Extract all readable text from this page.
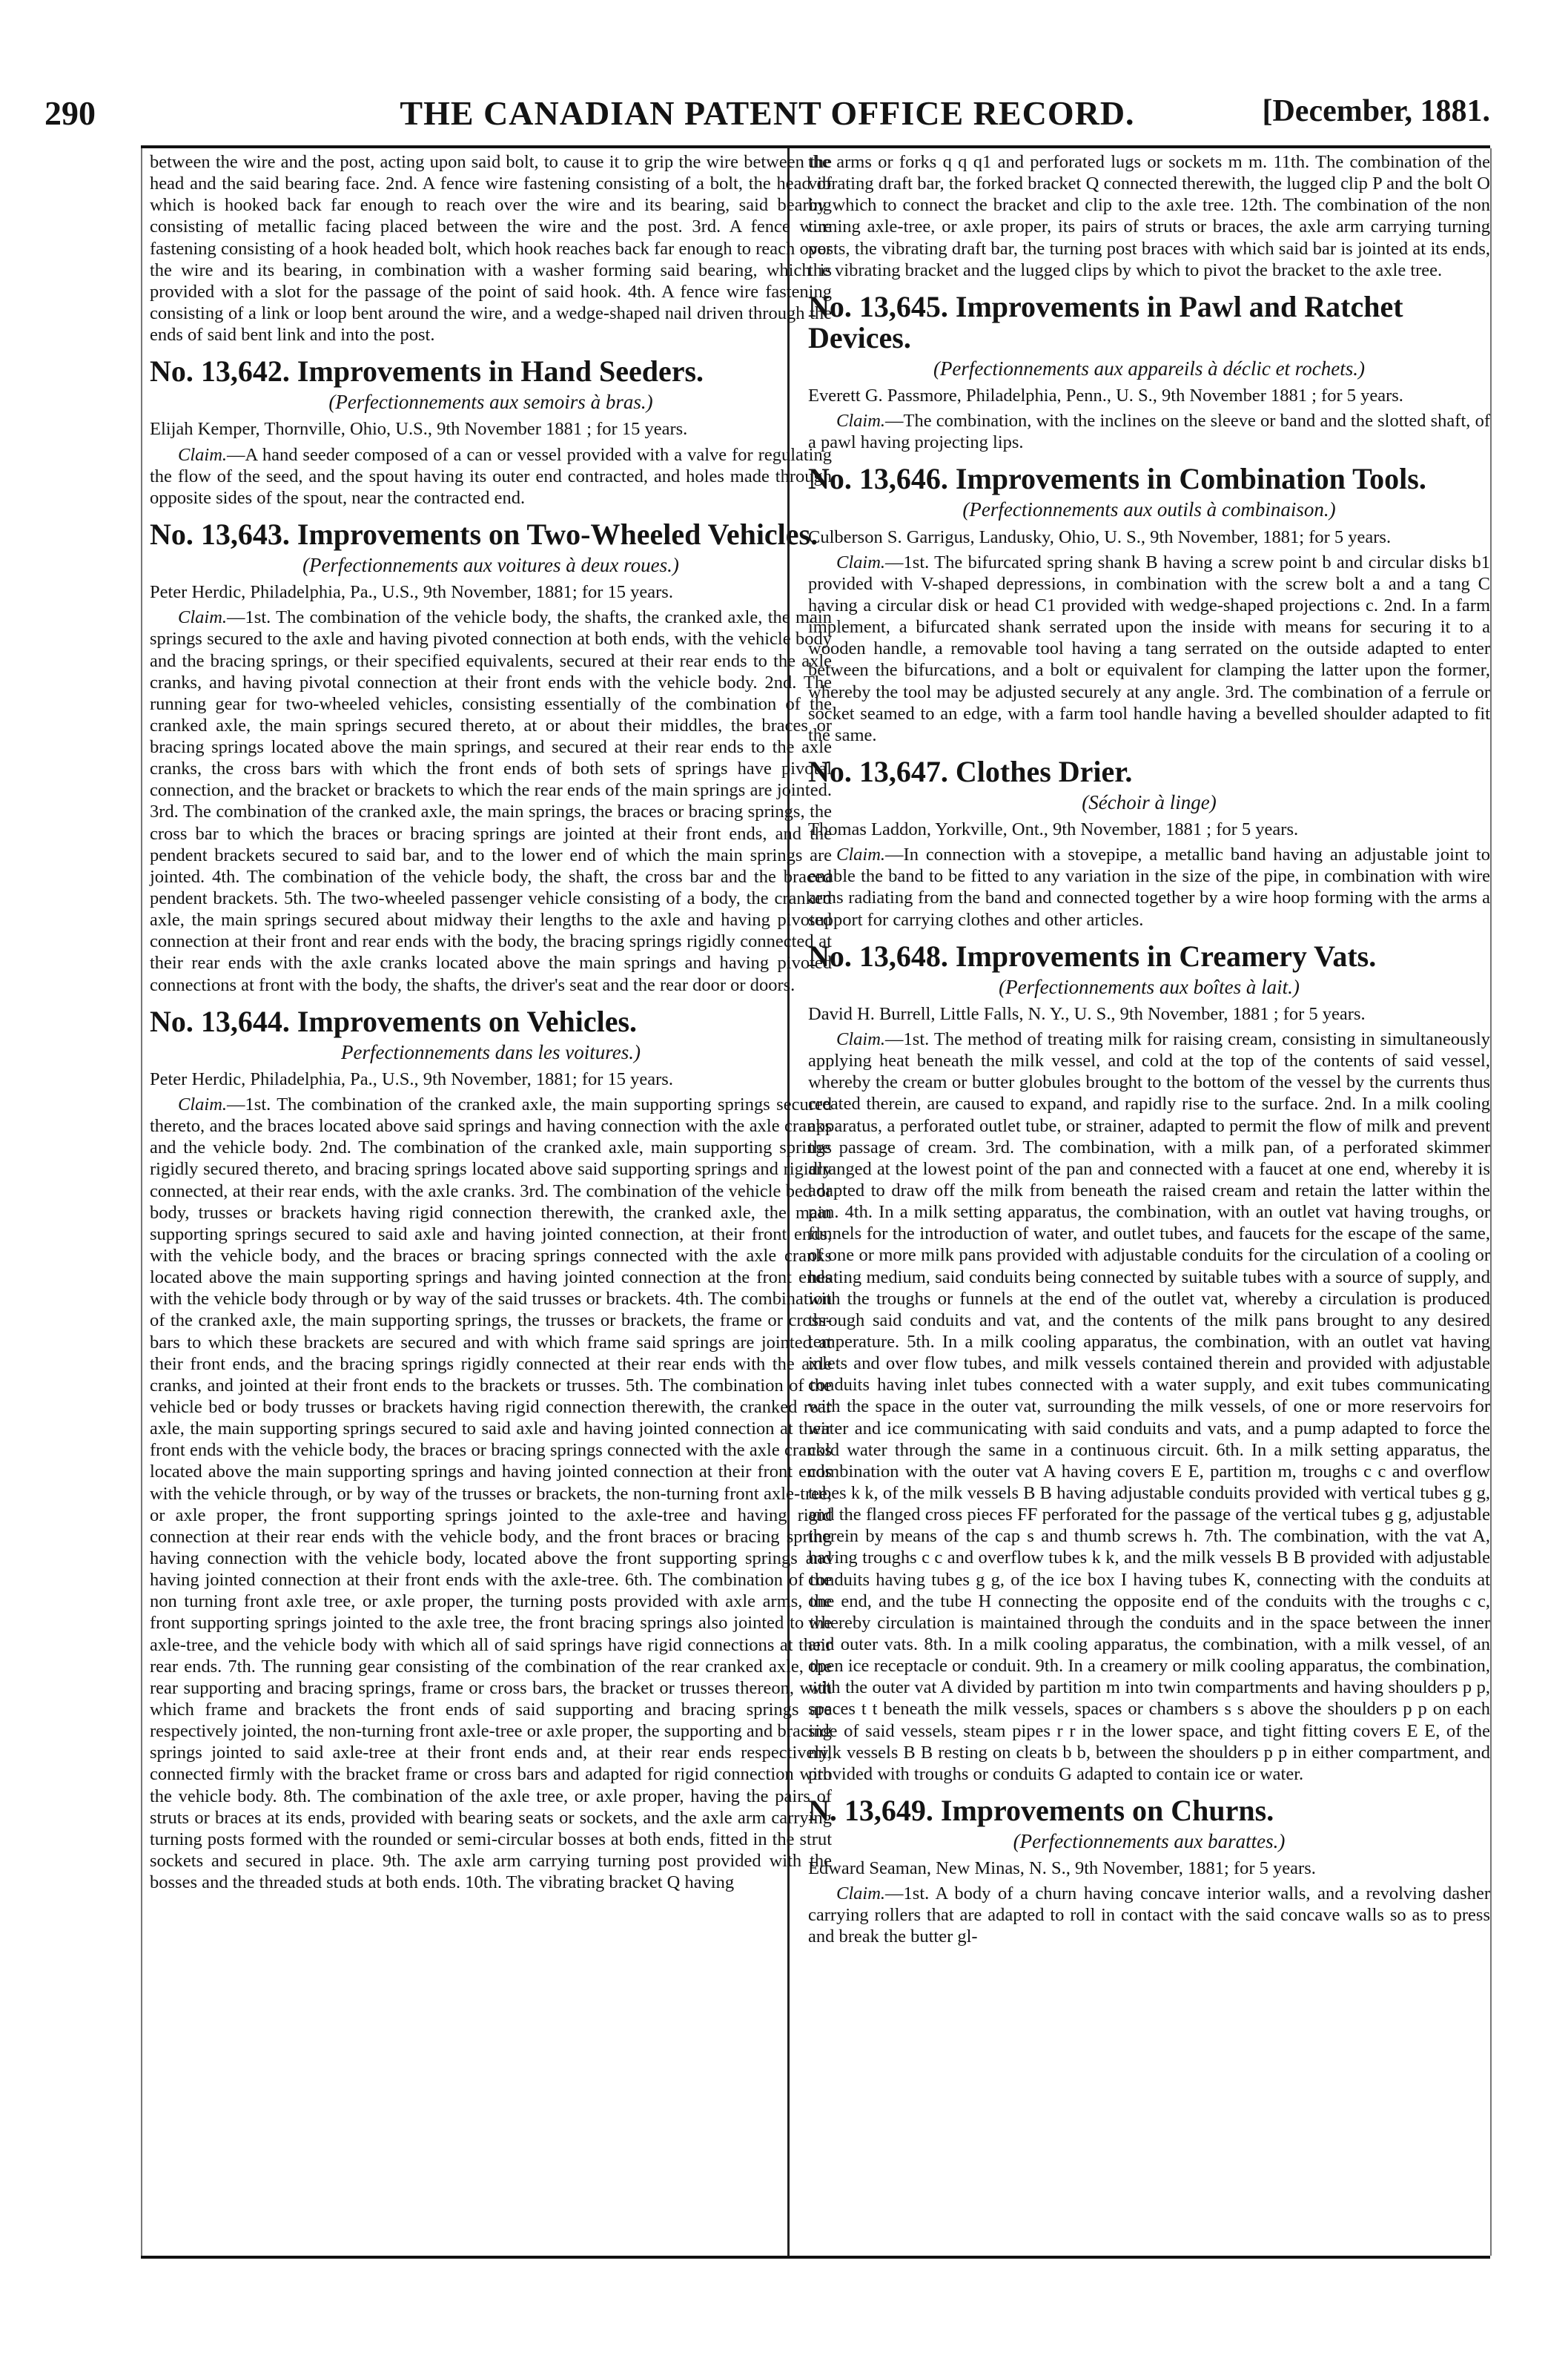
290	THE CANADIAN PATENT OFFICE RECORD.	[December, 1881.

between the wire and the post, acting upon said bolt, to cause it to grip the wire between the head and the said bearing face. 2nd. A fence wire fastening consisting of a bolt, the head of which is hooked back far enough to reach over the wire and its bearing, said bearing consisting of metallic facing placed between the wire and the post. 3rd. A fence wire fastening consisting of a hook headed bolt, which hook reaches back far enough to reach over the wire and its bearing, in combination with a washer forming said bearing, which is provided with a slot for the passage of the point of said hook. 4th. A fence wire fastening consisting of a link or loop bent around the wire, and a wedge-shaped nail driven through the ends of said bent link and into the post.

No. 13,642. Improvements in Hand Seeders.
(Perfectionnements aux semoirs à bras.)

Elijah Kemper, Thornville, Ohio, U.S., 9th November 1881 ; for 15 years.

Claim.—A hand seeder composed of a can or vessel provided with a valve for regulating the flow of the seed, and the spout having its outer end contracted, and holes made through opposite sides of the spout, near the contracted end.

No. 13,643. Improvements on Two-Wheeled Vehicles.
(Perfectionnements aux voitures à deux roues.)

Peter Herdic, Philadelphia, Pa., U.S., 9th November, 1881; for 15 years.

Claim.—1st. The combination of the vehicle body, the shafts, the cranked axle, the main springs secured to the axle and having pivoted connection at both ends, with the vehicle body and the bracing springs, or their specified equivalents, secured at their rear ends to the axle cranks, and having pivotal connection at their front ends with the vehicle body. 2nd. The running gear for two-wheeled vehicles, consisting essentially of the combination of the cranked axle, the main springs secured thereto, at or about their middles, the braces or bracing springs located above the main springs, and secured at their rear ends to the axle cranks, the cross bars with which the front ends of both sets of springs have pivotal connection, and the bracket or brackets to which the rear ends of the main springs are jointed. 3rd. The combination of the cranked axle, the main springs, the braces or bracing springs, the cross bar to which the braces or bracing springs are jointed at their front ends, and the pendent brackets secured to said bar, and to the lower end of which the main springs are jointed. 4th. The combination of the vehicle body, the shaft, the cross bar and the braced pendent brackets. 5th. The two-wheeled passenger vehicle consisting of a body, the cranked axle, the main springs secured about midway their lengths to the axle and having pivoted connection at their front and rear ends with the body, the bracing springs rigidly connected at their rear ends with the axle cranks located above the main springs and having pivoted connections at front with the body, the shafts, the driver's seat and the rear door or doors.

No. 13,644. Improvements on Vehicles.
Perfectionnements dans les voitures.)

Peter Herdic, Philadelphia, Pa., U.S., 9th November, 1881; for 15 years.

Claim.—1st. The combination of the cranked axle, the main supporting springs secured thereto, and the braces located above said springs and having connection with the axle cranks and the vehicle body. 2nd. The combination of the cranked axle, main supporting springs rigidly secured thereto, and bracing springs located above said supporting springs and rigidly connected, at their rear ends, with the axle cranks. 3rd. The combination of the vehicle bed or body, trusses or brackets having rigid connection therewith, the cranked axle, the main supporting springs secured to said axle and having jointed connection, at their front ends, with the vehicle body, and the braces or bracing springs connected with the axle cranks located above the main supporting springs and having jointed connection at the front ends with the vehicle body through or by way of the said trusses or brackets. 4th. The combination of the cranked axle, the main supporting springs, the trusses or brackets, the frame or cross-bars to which these brackets are secured and with which frame said springs are jointed at their front ends, and the bracing springs rigidly connected at their rear ends with the axle cranks, and jointed at their front ends to the brackets or trusses. 5th. The combination of the vehicle bed or body trusses or brackets having rigid connection therewith, the cranked rear axle, the main supporting springs secured to said axle and having jointed connection at their front ends with the vehicle body, the braces or bracing springs connected with the axle cranks located above the main supporting springs and having jointed connection at their front ends with the vehicle through, or by way of the trusses or brackets, the non-turning front axle-tree, or axle proper, the front supporting springs jointed to the axle-tree and having rigid connection at their rear ends with the vehicle body, and the front braces or bracing spring having connection with the vehicle body, located above the front supporting springs and having jointed connection at their front ends with the axle-tree. 6th. The combination of the non turning front axle tree, or axle proper, the turning posts provided with axle arms, the front supporting springs jointed to the axle tree, the front bracing springs also jointed to the axle-tree, and the vehicle body with which all of said springs have rigid connections at their rear ends. 7th. The running gear consisting of the combination of the rear cranked axle, the rear supporting and bracing springs, frame or cross bars, the bracket or trusses thereon, with which frame and brackets the front ends of said supporting and bracing springs are respectively jointed, the non-turning front axle-tree or axle proper, the supporting and bracing springs jointed to said axle-tree at their front ends and, at their rear ends respectively, connected firmly with the bracket frame or cross bars and adapted for rigid connection with the vehicle body. 8th. The combination of the axle tree, or axle proper, having the pairs of struts or braces at its ends, provided with bearing seats or sockets, and the axle arm carrying turning posts formed with the rounded or semi-circular bosses at both ends, fitted in the strut sockets and secured in place. 9th. The axle arm carrying turning post provided with the bosses and the threaded studs at both ends. 10th. The vibrating bracket Q having

the arms or forks q q q1 and perforated lugs or sockets m m. 11th. The combination of the vibrating draft bar, the forked bracket Q connected therewith, the lugged clip P and the bolt O by which to connect the bracket and clip to the axle tree. 12th. The combination of the non turning axle-tree, or axle proper, its pairs of struts or braces, the axle arm carrying turning posts, the vibrating draft bar, the turning post braces with which said bar is jointed at its ends, the vibrating bracket and the lugged clips by which to pivot the bracket to the axle tree.

No. 13,645. Improvements in Pawl and Ratchet Devices.
(Perfectionnements aux appareils à déclic et rochets.)

Everett G. Passmore, Philadelphia, Penn., U. S., 9th November 1881 ; for 5 years.

Claim.—The combination, with the inclines on the sleeve or band and the slotted shaft, of a pawl having projecting lips.

No. 13,646. Improvements in Combination Tools.
(Perfectionnements aux outils à combinaison.)

Culberson S. Garrigus, Landusky, Ohio, U. S., 9th November, 1881; for 5 years.

Claim.—1st. The bifurcated spring shank B having a screw point b and circular disks b1 provided with V-shaped depressions, in combination with the screw bolt a and a tang C having a circular disk or head C1 provided with wedge-shaped projections c. 2nd. In a farm implement, a bifurcated shank serrated upon the inside with means for securing it to a wooden handle, a removable tool having a tang serrated on the outside adapted to enter between the bifurcations, and a bolt or equivalent for clamping the latter upon the former, whereby the tool may be adjusted securely at any angle. 3rd. The combination of a ferrule or socket seamed to an edge, with a farm tool handle having a bevelled shoulder adapted to fit the same.

No. 13,647. Clothes Drier.
(Séchoir à linge)

Thomas Laddon, Yorkville, Ont., 9th November, 1881 ; for 5 years.

Claim.—In connection with a stovepipe, a metallic band having an adjustable joint to enable the band to be fitted to any variation in the size of the pipe, in combination with wire arms radiating from the band and connected together by a wire hoop forming with the arms a support for carrying clothes and other articles.

No. 13,648. Improvements in Creamery Vats.
(Perfectionnements aux boîtes à lait.)

David H. Burrell, Little Falls, N. Y., U. S., 9th November, 1881 ; for 5 years.

Claim.—1st. The method of treating milk for raising cream, consisting in simultaneously applying heat beneath the milk vessel, and cold at the top of the contents of said vessel, whereby the cream or butter globules brought to the bottom of the vessel by the currents thus created therein, are caused to expand, and rapidly rise to the surface. 2nd. In a milk cooling apparatus, a perforated outlet tube, or strainer, adapted to permit the flow of milk and prevent the passage of cream. 3rd. The combination, with a milk pan, of a perforated skimmer arranged at the lowest point of the pan and connected with a faucet at one end, whereby it is adapted to draw off the milk from beneath the raised cream and retain the latter within the pan. 4th. In a milk setting apparatus, the combination, with an outlet vat having troughs, or funnels for the introduction of water, and outlet tubes, and faucets for the escape of the same, of one or more milk pans provided with adjustable conduits for the circulation of a cooling or heating medium, said conduits being connected by suitable tubes with a source of supply, and with the troughs or funnels at the end of the outlet vat, whereby a circulation is produced through said conduits and vat, and the contents of the milk pans brought to any desired temperature. 5th. In a milk cooling apparatus, the combination, with an outlet vat having inlets and over flow tubes, and milk vessels contained therein and provided with adjustable conduits having inlet tubes connected with a water supply, and exit tubes communicating with the space in the outer vat, surrounding the milk vessels, of one or more reservoirs for water and ice communicating with said conduits and vats, and a pump adapted to force the cold water through the same in a continuous circuit. 6th. In a milk setting apparatus, the combination with the outer vat A having covers E E, partition m, troughs c c and overflow tubes k k, of the milk vessels B B having adjustable conduits provided with vertical tubes g g, and the flanged cross pieces FF perforated for the passage of the vertical tubes g g, adjustable therein by means of the cap s and thumb screws h. 7th. The combination, with the vat A, having troughs c c and overflow tubes k k, and the milk vessels B B provided with adjustable conduits having tubes g g, of the ice box I having tubes K, connecting with the conduits at one end, and the tube H connecting the opposite end of the conduits with the troughs c c, whereby circulation is maintained through the conduits and in the space between the inner and outer vats. 8th. In a milk cooling apparatus, the combination, with a milk vessel, of an open ice receptacle or conduit. 9th. In a creamery or milk cooling apparatus, the combination, with the outer vat A divided by partition m into twin compartments and having shoulders p p, spaces t t beneath the milk vessels, spaces or chambers s s above the shoulders p p on each side of said vessels, steam pipes r r in the lower space, and tight fitting covers E E, of the milk vessels B B resting on cleats b b, between the shoulders p p in either compartment, and provided with troughs or conduits G adapted to contain ice or water.

N. 13,649. Improvements on Churns.
(Perfectionnements aux barattes.)

Edward Seaman, New Minas, N. S., 9th November, 1881; for 5 years.

Claim.—1st. A body of a churn having concave interior walls, and a revolving dasher carrying rollers that are adapted to roll in contact with the said concave walls so as to press and break the butter gl-
